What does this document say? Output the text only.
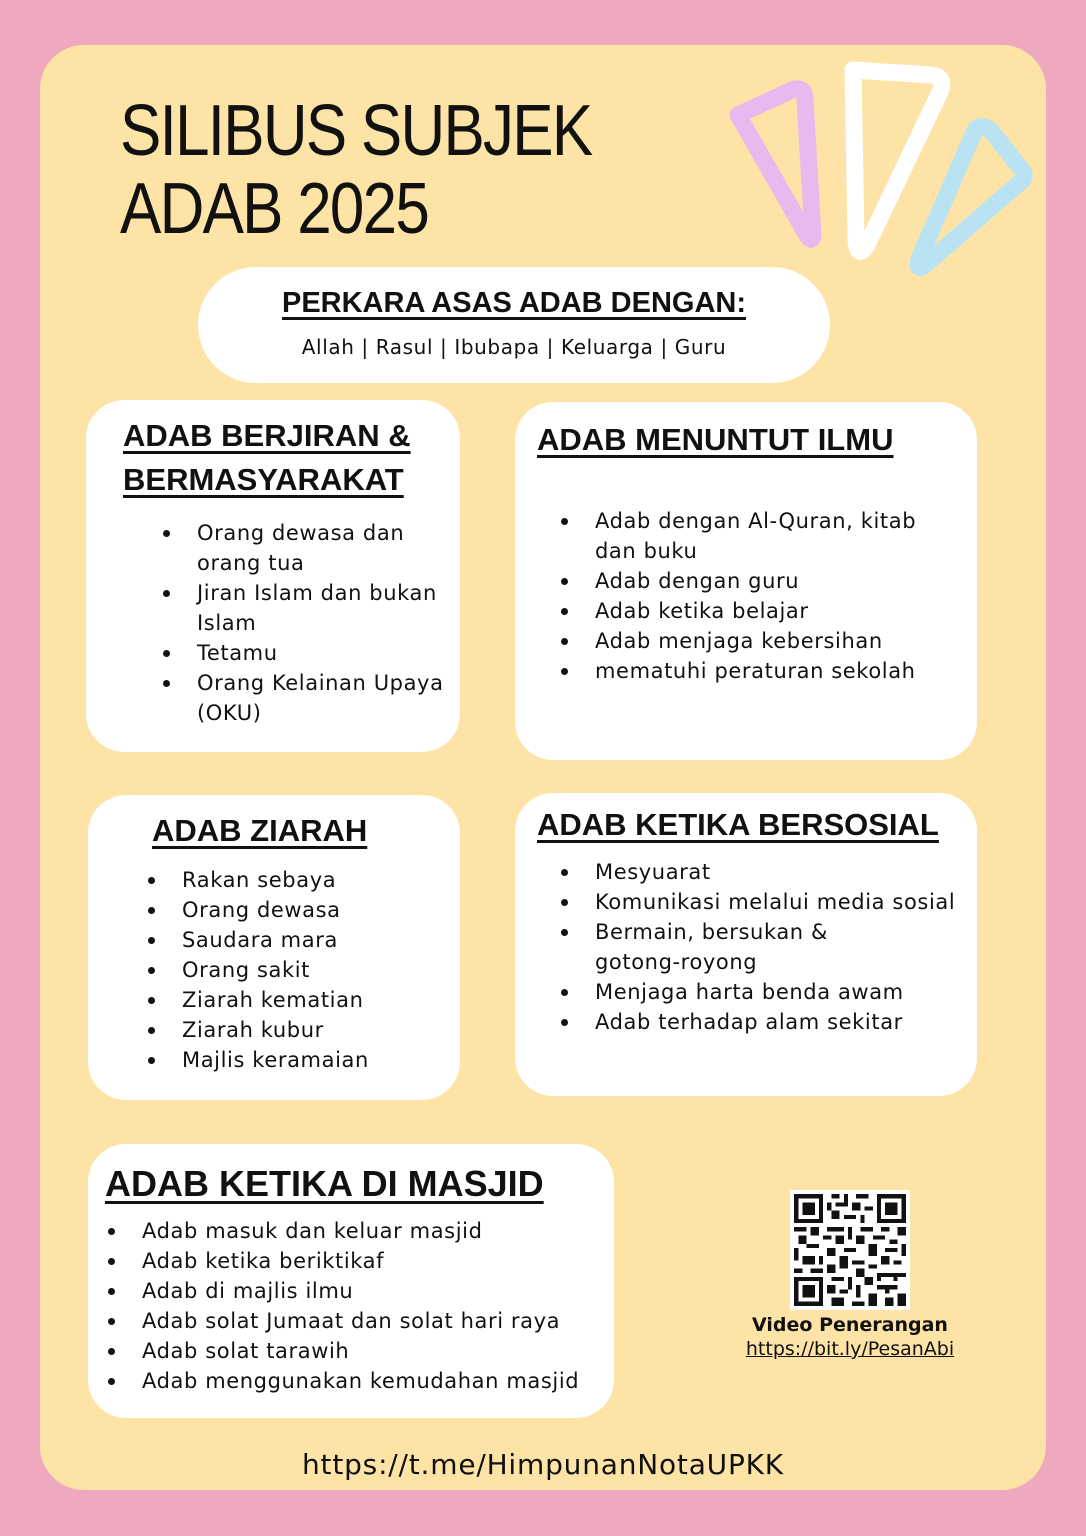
SILIBUS SUBJEK
ADAB 2025
PERKARA ASAS ADAB DENGAN:
Allah | Rasul | Ibubapa | Keluarga | Guru
ADAB BERJIRAN &
BERMASYARAKAT
Orang dewasa dan orang tua
Jiran Islam dan bukan Islam
Tetamu
Orang Kelainan Upaya (OKU)
ADAB MENUNTUT ILMU
Adab dengan Al-Quran, kitab dan buku
Adab dengan guru
Adab ketika belajar
Adab menjaga kebersihan
mematuhi peraturan sekolah
ADAB ZIARAH
Rakan sebaya
Orang dewasa
Saudara mara
Orang sakit
Ziarah kematian
Ziarah kubur
Majlis keramaian
ADAB KETIKA BERSOSIAL
Mesyuarat
Komunikasi melalui media sosial
Bermain, bersukan & gotong-royong
Menjaga harta benda awam
Adab terhadap alam sekitar
ADAB KETIKA DI MASJID
Adab masuk dan keluar masjid
Adab ketika beriktikaf
Adab di majlis ilmu
Adab solat Jumaat dan solat hari raya
Adab solat tarawih
Adab menggunakan kemudahan masjid
Video Penerangan
https://bit.ly/PesanAbi
https://t.me/HimpunanNotaUPKK
